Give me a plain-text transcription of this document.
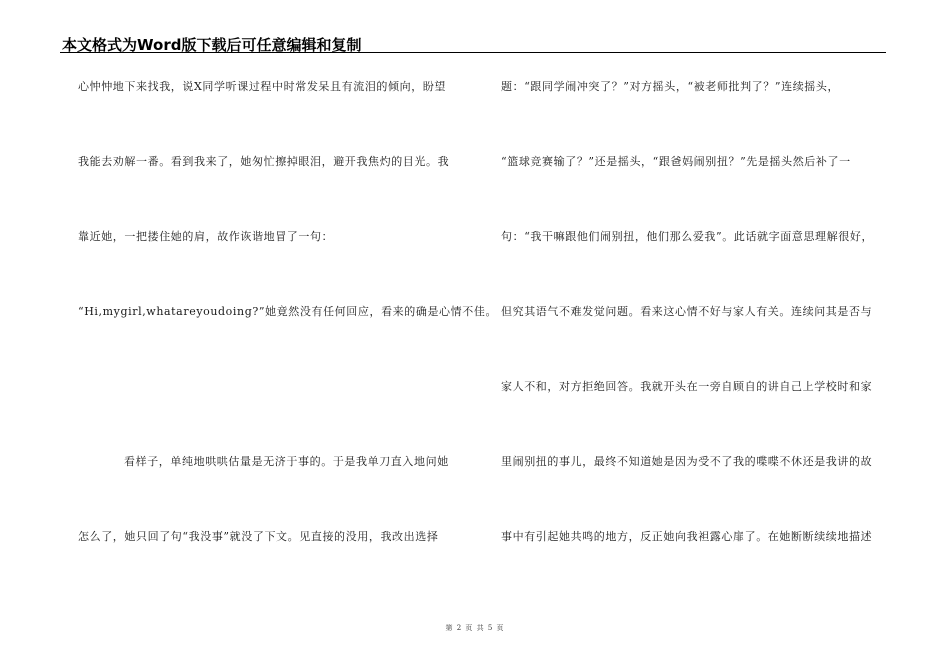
本文格式为Word版下载后可任意编辑和复制
心忡忡地下来找我，说X同学听课过程中时常发呆且有流泪的倾向，盼望
我能去劝解一番。看到我来了，她匆忙擦掉眼泪，避开我焦灼的目光。我
靠近她，一把搂住她的肩，故作诙谐地冒了一句：
“Hi,mygirl,whatareyoudoing?”她竟然没有任何回应，看来的确是心情不佳。
看样子，单纯地哄哄估量是无济于事的。于是我单刀直入地问她
怎么了，她只回了句“我没事”就没了下文。见直接的没用，我改出选择
题：“跟同学闹冲突了？”对方摇头，“被老师批判了？”连续摇头，
“篮球竞赛输了？”还是摇头，“跟爸妈闹别扭？”先是摇头然后补了一
句：“我干嘛跟他们闹别扭，他们那么爱我”。此话就字面意思理解很好，
但究其语气不难发觉问题。看来这心情不好与家人有关。连续问其是否与
家人不和，对方拒绝回答。我就开头在一旁自顾自的讲自己上学校时和家
里闹别扭的事儿，最终不知道她是因为受不了我的喋喋不休还是我讲的故
事中有引起她共鸣的地方，反正她向我袒露心扉了。在她断断续续地描述
第 2 页 共 5 页
